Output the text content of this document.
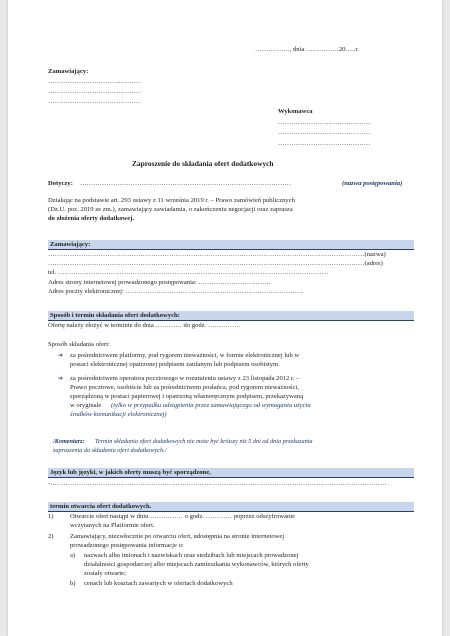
……………., dnia ……………20…..r.
Zamawiający:
……………………………………
……………………………………
……………………………………
Wykonawca
……………………………………
……………………………………
……………………………………
Zaproszenie do składania ofert dodatkowych
Dotyczy: ……………………………………………………………………………………	(nazwa postępowania)
Działając na podstawie art. 293 ustawy z 11 września 2019 r. – Prawo zamówień publicznych
(Dz.U. poz. 2019 ze zm.), zamawiający zawiadamia, o zakończeniu negocjacji oraz zaprasza
do złożenia oferty dodatkowej.
Zamawiający:
………………………………………………………………………………………………………………………………(nazwa)
………………………………………………………………………………………………………………………………(adres)
tel. ……………………………………………………………………………………………………………
Adres strony internetowej prowadzonego postępowania: ……………………………
Adres poczty elektronicznej: ………………………………………………………………………
Sposób i termin składania ofert dodatkowych:
Ofertę należy złożyć w terminie do dnia ………… do godz. ……………
Sposób składania ofert:
➔ za pośrednictwem platformy, pod rygorem nieważności, w formie elektronicznej lub w
postaci elektronicznej opatrzonej podpisem zaufanym lub podpisem osobistym.
➔ za pośrednictwem operatora pocztowego w rozumieniu ustawy z 23 listopada 2012 r. –
Prawo pocztowe, osobiście lub za pośrednictwem posłańca, pod rygorem nieważności,
sporządzoną w postaci papierowej i opatrzoną własnoręcznym podpisem, przekazywaną
w oryginale (tylko w przypadku odstąpienia przez zamawiającego od wymagania użycia
środków komunikacji elektronicznej)
/Komentarz: Termin składania ofert dodatkowych nie może być krótszy niż 5 dni od dnia przekazania
zaproszenia do składania ofert dodatkowych./
Język lub języki, w jakich oferty muszą być sporządzone,
-………………………………………………………………………………………………………………………………………
termin otwarcia ofert dodatkowych.
1)	Otwarcie ofert nastąpi w dniu …………… o godz. ………… poprzez odszyfrowanie
wczytanych na Platformie ofert.
2)	Zamawiający, niezwłocznie po otwarciu ofert, udostępnia na stronie internetowej
prowadzonego postępowania informacje o:
a) nazwach albo imionach i nazwiskach oraz siedzibach lub miejscach prowadzonej
działalności gospodarczej albo miejscach zamieszkania wykonawców, których oferty
zostały otwarte;
b) cenach lub kosztach zawartych w ofertach dodatkowych
